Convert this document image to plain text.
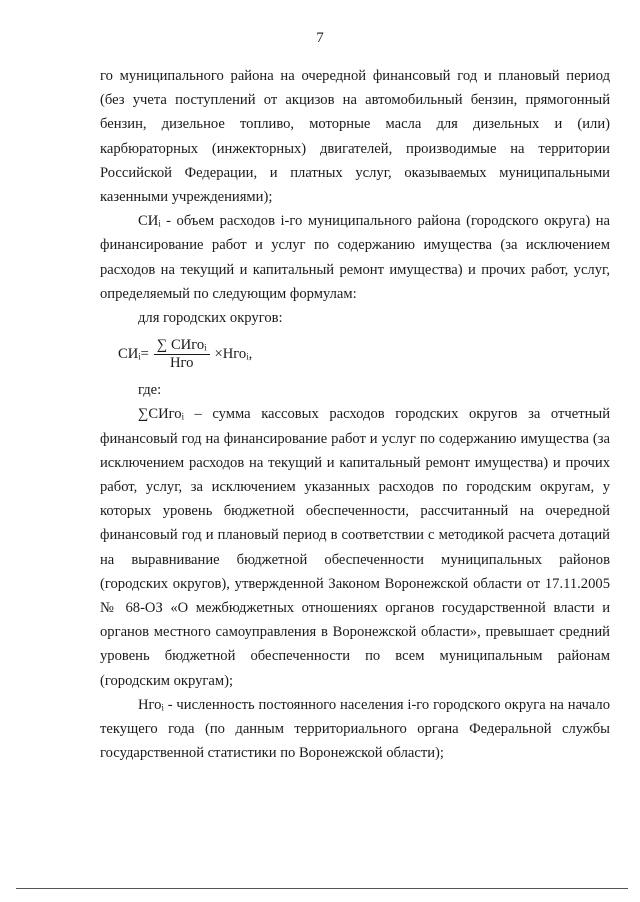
7

го муниципального района на очередной финансовый год и плановый период (без учета поступлений от акцизов на автомобильный бензин, прямогонный бензин, дизельное топливо, моторные масла для дизельных и (или) карбюраторных (инжекторных) двигателей, производимые на территории Российской Федерации, и платных услуг, оказываемых муниципальными казенными учреждениями);

СИᵢ - объем расходов i-го муниципального района (городского округа) на финансирование работ и услуг по содержанию имущества (за исключением расходов на текущий и капитальный ремонт имущества) и прочих работ, услуг, определяемый по следующим формулам:

для городских округов:

СИᵢ= $\frac{\text{∑ СИгоᵢ}}{\text{Нго}}$ ×Нгоᵢ,

где:

∑СИгоᵢ – сумма кассовых расходов городских округов за отчетный финансовый год на финансирование работ и услуг по содержанию имущества (за исключением расходов на текущий и капитальный ремонт имущества) и прочих работ, услуг, за исключением указанных расходов по городским округам, у которых уровень бюджетной обеспеченности, рассчитанный на очередной финансовый год и плановый период в соответствии с методикой расчета дотаций на выравнивание бюджетной обеспеченности муниципальных районов (городских округов), утвержденной Законом Воронежской области от 17.11.2005 № 68-ОЗ «О межбюджетных отношениях органов государственной власти и органов местного самоуправления в Воронежской области», превышает средний уровень бюджетной обеспеченности по всем муниципальным районам (городским округам);

Нгоᵢ - численность постоянного населения i-го городского округа на начало текущего года (по данным территориального органа Федеральной службы государственной статистики по Воронежской области);
